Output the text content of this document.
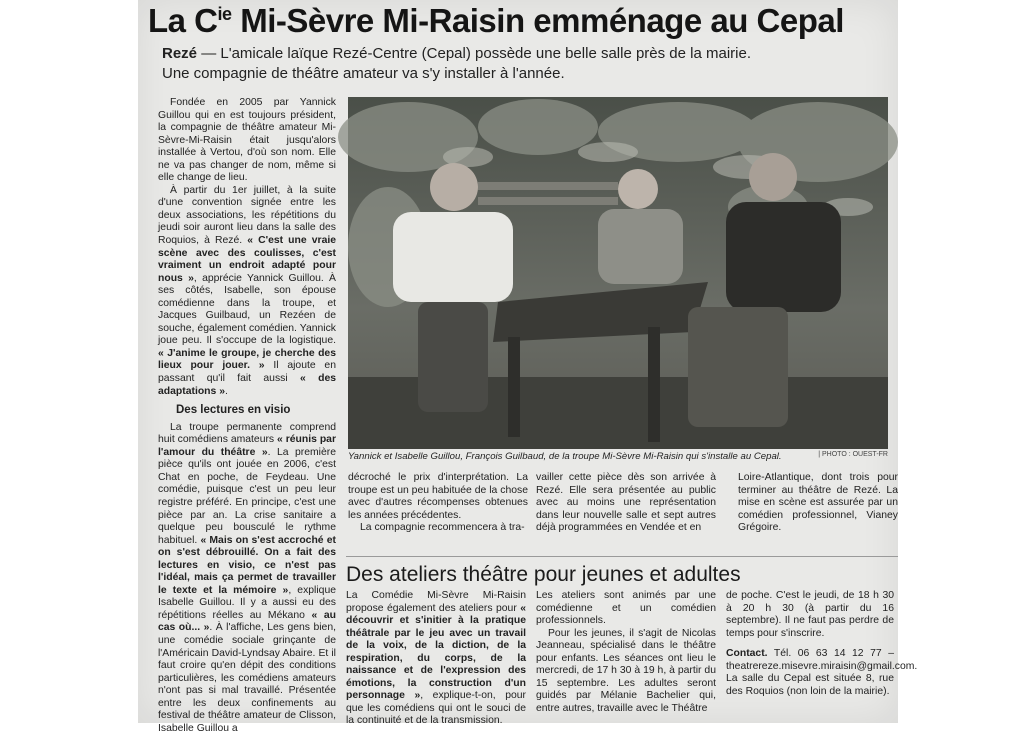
La $C^{ie}$ Mi-Sèvre Mi-Raisin emménage au Cepal
Rezé — L'amicale laïque Rezé-Centre (Cepal) possède une belle salle près de la mairie. Une compagnie de théâtre amateur va s'y installer à l'année.

Fondée en 2005 par Yannick Guillou qui en est toujours président, la compagnie de théâtre amateur Mi-Sèvre-Mi-Raisin était jusqu'alors installée à Vertou, d'où son nom. Elle ne va pas changer de nom, même si elle change de lieu.

À partir du 1er juillet, à la suite d'une convention signée entre les deux associations, les répétitions du jeudi soir auront lieu dans la salle des Roquios, à Rezé. « C'est une vraie scène avec des coulisses, c'est vraiment un endroit adapté pour nous », apprécie Yannick Guillou. À ses côtés, Isabelle, son épouse comédienne dans la troupe, et Jacques Guilbaud, un Rezéen de souche, également comédien. Yannick joue peu. Il s'occupe de la logistique. « J'anime le groupe, je cherche des lieux pour jouer. » Il ajoute en passant qu'il fait aussi « des adaptations ».

Des lectures en visio

La troupe permanente comprend huit comédiens amateurs « réunis par l'amour du théâtre ». La première pièce qu'ils ont jouée en 2006, c'est Chat en poche, de Feydeau. Une comédie, puisque c'est un peu leur registre préféré. En principe, c'est une pièce par an. La crise sanitaire a quelque peu bousculé le rythme habituel. « Mais on s'est accroché et on s'est débrouillé. On a fait des lectures en visio, ce n'est pas l'idéal, mais ça permet de travailler le texte et la mémoire », explique Isabelle Guillou. Il y a aussi eu des répétitions réelles au Mékano « au cas où... ». À l'affiche, Les gens bien, une comédie sociale grinçante de l'Américain David-Lyndsay Abaire. Et il faut croire qu'en dépit des conditions particulières, les comédiens amateurs n'ont pas si mal travaillé. Présentée entre les deux confinements au festival de théâtre amateur de Clisson, Isabelle Guillou a

Yannick et Isabelle Guillou, François Guilbaud, de la troupe Mi-Sèvre Mi-Raisin qui s'installe au Cepal.	| PHOTO : OUEST-FR

décroché le prix d'interprétation. La troupe est un peu habituée de la chose avec d'autres récompenses obtenues les années précédentes.

La compagnie recommencera à tra-

vailler cette pièce dès son arrivée à Rezé. Elle sera présentée au public avec au moins une représentation dans leur nouvelle salle et sept autres déjà programmées en Vendée et en

Loire-Atlantique, dont trois pour terminer au théâtre de Rezé. La mise en scène est assurée par un comédien professionnel, Vianey Grégoire.

Des ateliers théâtre pour jeunes et adultes

La Comédie Mi-Sèvre Mi-Raisin propose également des ateliers pour « découvrir et s'initier à la pratique théâtrale par le jeu avec un travail de la voix, de la diction, de la respiration, du corps, de la naissance et de l'expression des émotions, la construction d'un personnage », explique-t-on, pour que les comédiens qui ont le souci de la continuité et de la transmission.

Les ateliers sont animés par une comédienne et un comédien professionnels.

Pour les jeunes, il s'agit de Nicolas Jeanneau, spécialisé dans le théâtre pour enfants. Les séances ont lieu le mercredi, de 17 h 30 à 19 h, à partir du 15 septembre. Les adultes seront guidés par Mélanie Bachelier qui, entre autres, travaille avec le Théâtre

de poche. C'est le jeudi, de 18 h 30 à 20 h 30 (à partir du 16 septembre). Il ne faut pas perdre de temps pour s'inscrire.

Contact. Tél. 06 63 14 12 77 – theatrereze.misevre.miraisin@gmail.com. La salle du Cepal est située 8, rue des Roquios (non loin de la mairie).
